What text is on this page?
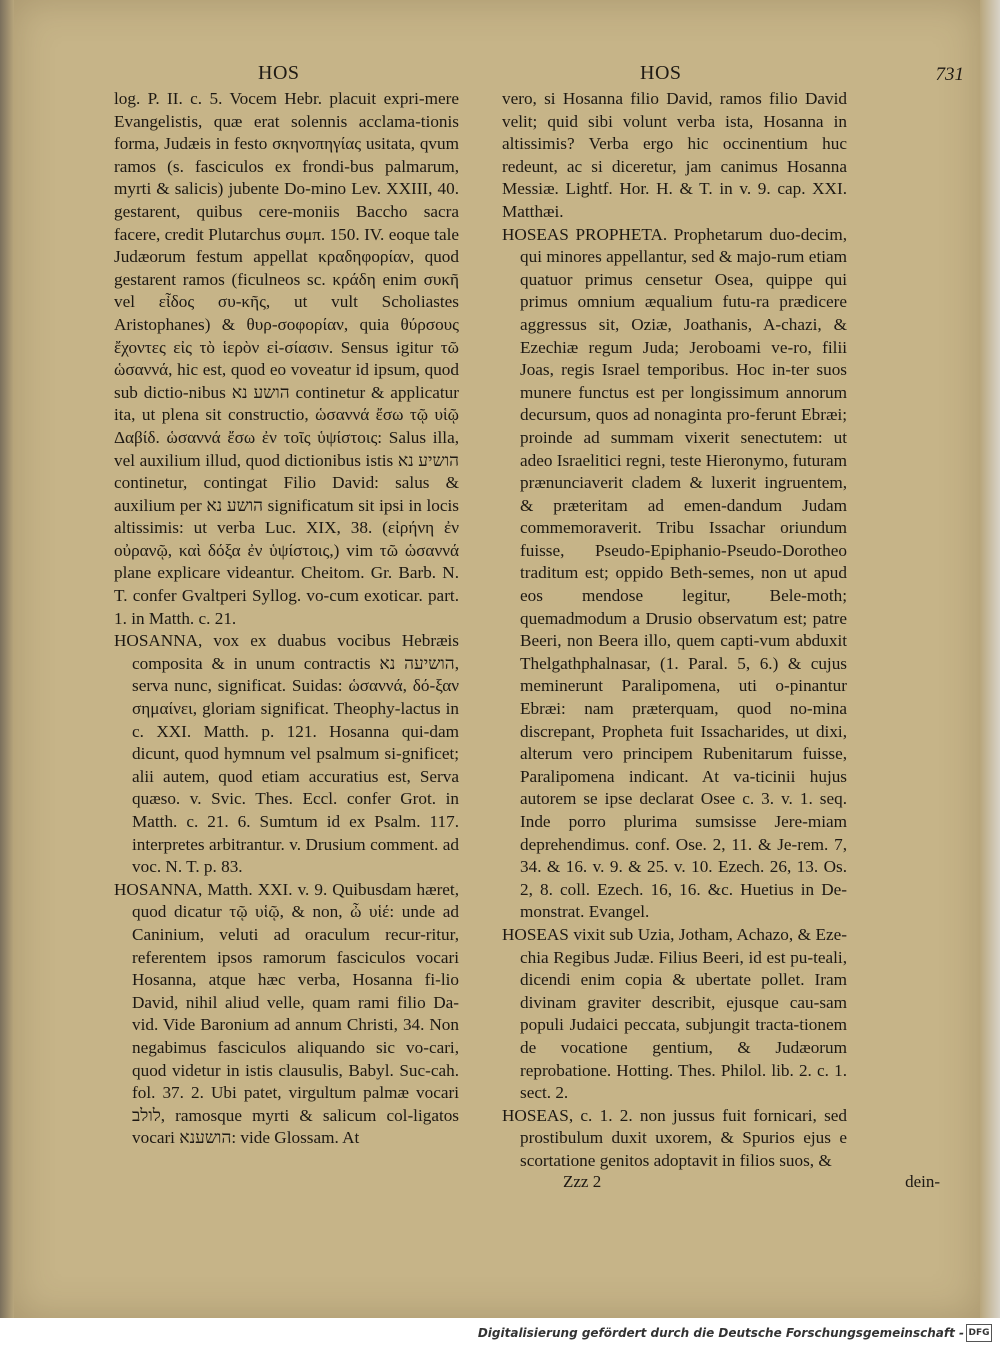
HOS	HOS	731

log. P. II. c. 5. Vocem Hebr. placuit expri-mere Evangelistis, quæ erat solennis acclama-tionis forma, Judæis in festo σκηνοπηγίας usitata, qvum ramos (s. fasciculos ex frondi-bus palmarum, myrti & salicis) jubente Do-mino Lev. XXIII, 40. gestarent, quibus cere-moniis Baccho sacra facere, credit Plutarchus συμπ. 150. IV. eoque tale Judæorum festum appellat κραδηφορίαν, quod gestarent ramos (ficulneos sc. κράδη enim συκῆ vel εἶδος συ-κῆς, ut vult Scholiastes Aristophanes) & θυρ-σοφορίαν, quia θύρσους ἔχοντες εἰς τὸ ἱερὸν εἰ-σίασιν. Sensus igitur τῶ ὡσαννά, hic est, quod eo voveatur id ipsum, quod sub dictio-nibus הושע נא continetur & applicatur ita, ut plena sit constructio, ὡσαννά ἔσω τῷ υἱῷ Δαβίδ. ὡσαννά ἔσω ἐν τοῖς ὑψίστοις: Salus illa, vel auxilium illud, quod dictionibus istis הושיע נא continetur, contingat Filio David: salus & auxilium per הושע נא significatum sit ipsi in locis altissimis: ut verba Luc. XIX, 38. (εἰρήνη ἐν οὐρανῷ, καὶ δόξα ἐν ὑψίστοις,) vim τῶ ὡσαννά plane explicare videantur. Cheitom. Gr. Barb. N. T. confer Gvaltperi Syllog. vo-cum exoticar. part. 1. in Matth. c. 21.

HOSANNA, vox ex duabus vocibus Hebræis composita & in unum contractis הושיעה נא, serva nunc, significat. Suidas: ὡσαννά, δό-ξαν σημαίνει, gloriam significat. Theophy-lactus in c. XXI. Matth. p. 121. Hosanna qui-dam dicunt, quod hymnum vel psalmum si-gnificet; alii autem, quod etiam accuratius est, Serva quæso. v. Svic. Thes. Eccl. confer Grot. in Matth. c. 21. 6. Sumtum id ex Psalm. 117. interpretes arbitrantur. v. Drusium comment. ad voc. N. T. p. 83.

HOSANNA, Matth. XXI. v. 9. Quibusdam hæret, quod dicatur τῷ υἱῷ, & non, ὦ υἱέ: unde ad Caninium, veluti ad oraculum recur-ritur, referentem ipsos ramorum fasciculos vocari Hosanna, atque hæc verba, Hosanna fi-lio David, nihil aliud velle, quam rami filio Da-vid. Vide Baronium ad annum Christi, 34. Non negabimus fasciculos aliquando sic vo-cari, quod videtur in istis clausulis, Babyl. Suc-cah. fol. 37. 2. Ubi patet, virgultum palmæ vocari לולב, ramosque myrti & salicum col-ligatos vocari הושענא: vide Glossam. At

vero, si Hosanna filio David, ramos filio David velit; quid sibi volunt verba ista, Hosanna in altissimis? Verba ergo hic occinentium huc redeunt, ac si diceretur, jam canimus Hosanna Messiæ. Lightf. Hor. H. & T. in v. 9. cap. XXI. Matthæi.

HOSEAS PROPHETA. Prophetarum duo-decim, qui minores appellantur, sed & majo-rum etiam quatuor primus censetur Osea, quippe qui primus omnium æqualium futu-ra prædicere aggressus sit, Oziæ, Joathanis, A-chazi, & Ezechiæ regum Juda; Jeroboami ve-ro, filii Joas, regis Israel temporibus. Hoc in-ter suos munere functus est per longissimum annorum decursum, quos ad nonaginta pro-ferunt Ebræi; proinde ad summam vixerit senectutem: ut adeo Israelitici regni, teste Hieronymo, futuram prænunciaverit cladem & luxerit ingruentem, & præteritam ad emen-dandum Judam commemoraverit. Tribu Issachar oriundum fuisse, Pseudo-Epiphanio-Pseudo-Dorotheo traditum est; oppido Beth-semes, non ut apud eos mendose legitur, Bele-moth; quemadmodum a Drusio observatum est; patre Beeri, non Beera illo, quem capti-vum abduxit Thelgathphalnasar, (1. Paral. 5, 6.) & cujus meminerunt Paralipomena, uti o-pinantur Ebræi: nam præterquam, quod no-mina discrepant, Propheta fuit Issacharides, ut dixi, alterum vero principem Rubenitarum fuisse, Paralipomena indicant. At va-ticinii hujus autorem se ipse declarat Osee c. 3. v. 1. seq. Inde porro plurima sumsisse Jere-miam deprehendimus. conf. Ose. 2, 11. & Je-rem. 7, 34. & 16. v. 9. & 25. v. 10. Ezech. 26, 13. Os. 2, 8. coll. Ezech. 16, 16. &c. Huetius in De-monstrat. Evangel.

HOSEAS vixit sub Uzia, Jotham, Achazo, & Eze-chia Regibus Judæ. Filius Beeri, id est pu-teali, dicendi enim copia & ubertate pollet. Iram divinam graviter describit, ejusque cau-sam populi Judaici peccata, subjungit tracta-tionem de vocatione gentium, & Judæorum reprobatione. Hotting. Thes. Philol. lib. 2. c. 1. sect. 2.

HOSEAS, c. 1. 2. non jussus fuit fornicari, sed prostibulum duxit uxorem, & Spurios ejus e scortatione genitos adoptavit in filios suos, &

Zzz 2	dein-
Digitalisierung gefördert durch die Deutsche Forschungsgemeinschaft - DFG
